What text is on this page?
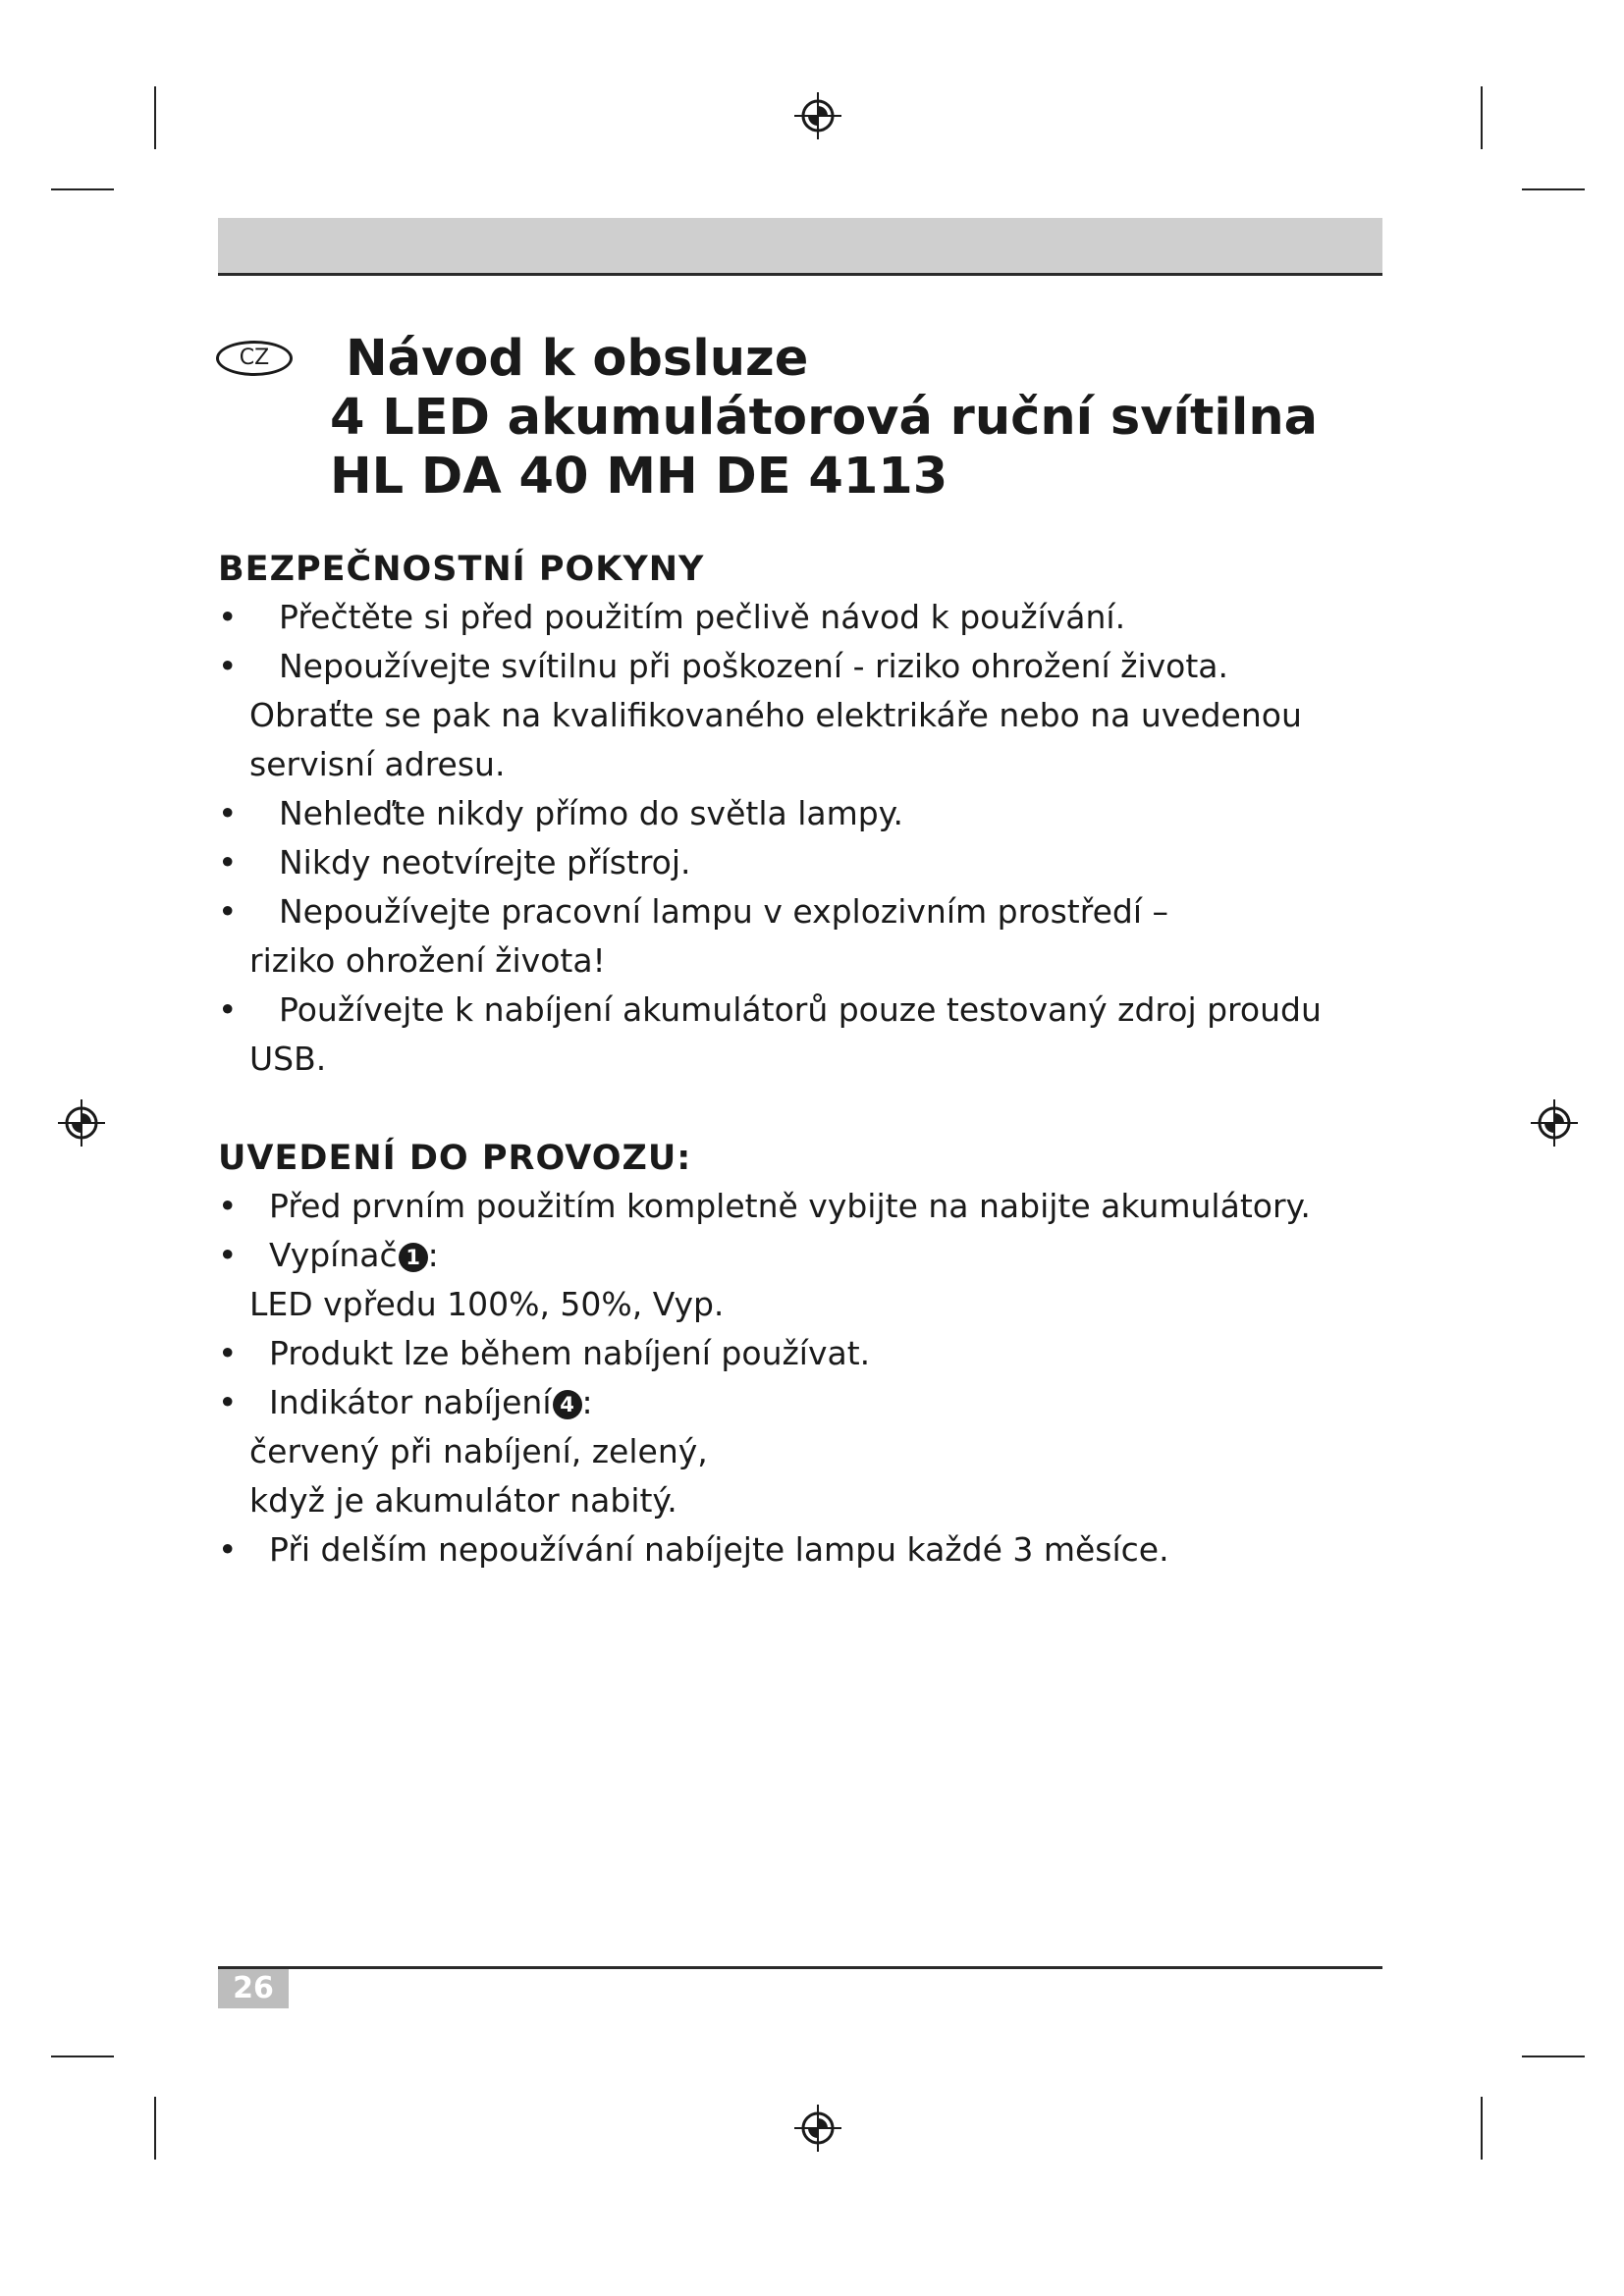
CZ	Návod k obsluze
4 LED akumulátorová ruční svítilna
HL DA 40 MH DE 4113
BEZPEČNOSTNÍ POKYNY
• Přečtěte si před použitím pečlivě návod k používání.
• Nepoužívejte svítilnu při poškození - riziko ohrožení života.
Obraťte se pak na kvalifikovaného elektrikáře nebo na uvedenou
servisní adresu.
• Nehleďte nikdy přímo do světla lampy.
• Nikdy neotvírejte přístroj.
• Nepoužívejte pracovní lampu v explozivním prostředí –
riziko ohrožení života!
• Používejte k nabíjení akumulátorů pouze testovaný zdroj proudu
USB.
UVEDENÍ DO PROVOZU:
• Před prvním použitím kompletně vybijte na nabijte akumulátory.
• Vypínač 1 :
LED vpředu 100%, 50%, Vyp.
• Produkt lze během nabíjení používat.
• Indikátor nabíjení 4 :
červený při nabíjení, zelený,
když je akumulátor nabitý.
• Při delším nepoužívání nabíjejte lampu každé 3 měsíce.
26
